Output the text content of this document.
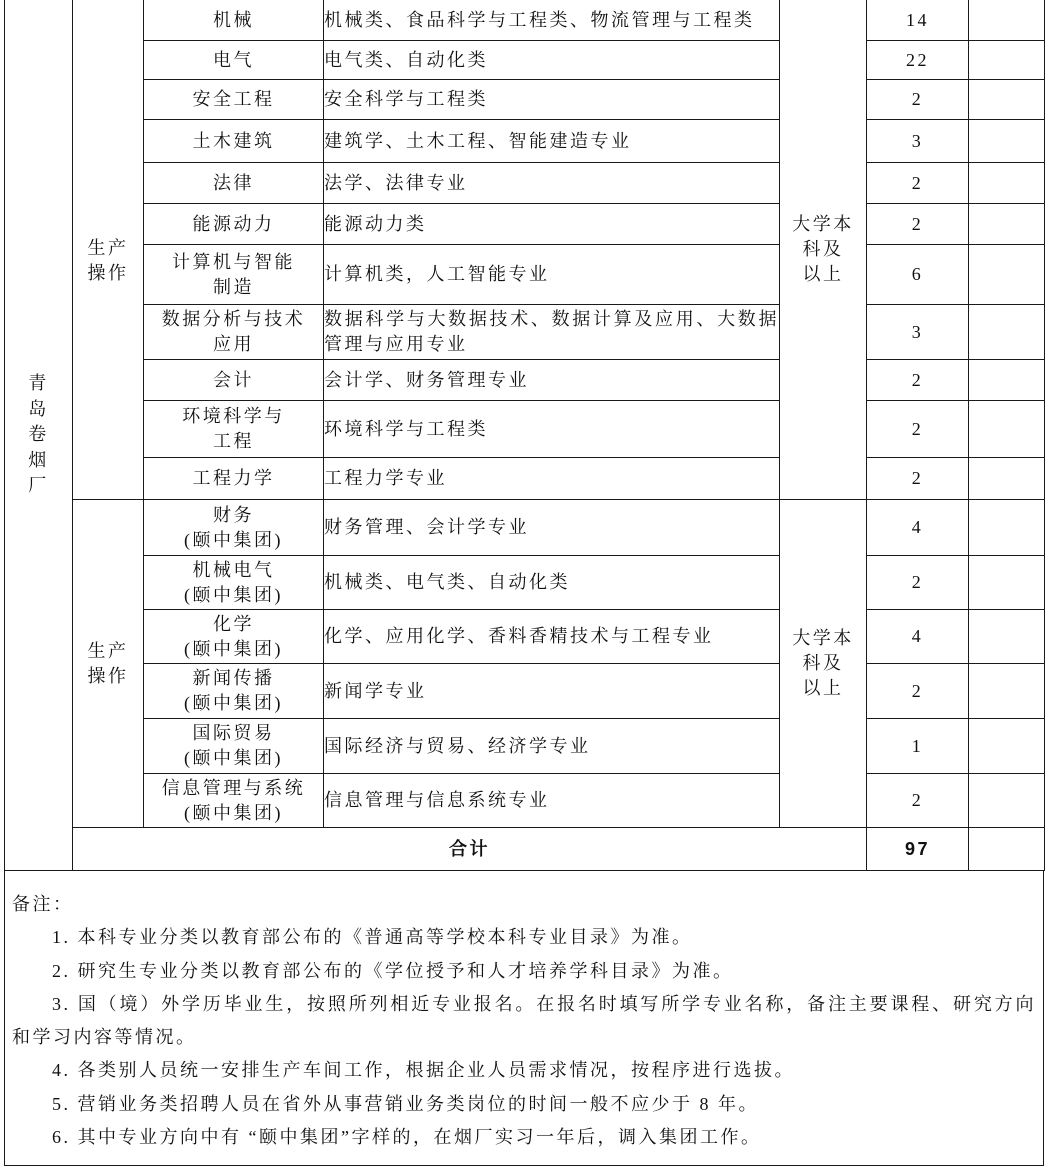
青岛卷烟厂	生产操作	机械	机械类、食品科学与工程类、物流管理与工程类	大学本
科及
以上	14	
		电气	电气类、自动化类		22	
		安全工程	安全科学与工程类		2	
		土木建筑	建筑学、土木工程、智能建造专业		3	
		法律	法学、法律专业		2	
		能源动力	能源动力类		2	
		计算机与智能
制造	计算机类，人工智能专业		6	
		数据分析与技术
应用	数据科学与大数据技术、数据计算及应用、大数据管理与应用专业		3	
		会计	会计学、财务管理专业		2	
		环境科学与
工程	环境科学与工程类		2	
		工程力学	工程力学专业		2	

	生产操作	财务
(颐中集团)	财务管理、会计学专业	大学本
科及
以上	4	
		机械电气
(颐中集团)	机械类、电气类、自动化类		2	
		化学
(颐中集团)	化学、应用化学、香料香精技术与工程专业		4	
		新闻传播
(颐中集团)	新闻学专业		2	
		国际贸易
(颐中集团)	国际经济与贸易、经济学专业		1	
		信息管理与系统
(颐中集团)	信息管理与信息系统专业		2	
	合计				97	
备注：

1. 本科专业分类以教育部公布的《普通高等学校本科专业目录》为准。

2. 研究生专业分类以教育部公布的《学位授予和人才培养学科目录》为准。

3. 国（境）外学历毕业生，按照所列相近专业报名。在报名时填写所学专业名称，备注主要课程、研究方向和学习内容等情况。

4. 各类别人员统一安排生产车间工作，根据企业人员需求情况，按程序进行选拔。

5. 营销业务类招聘人员在省外从事营销业务类岗位的时间一般不应少于 8 年。

6. 其中专业方向中有 “颐中集团”字样的，在烟厂实习一年后，调入集团工作。
